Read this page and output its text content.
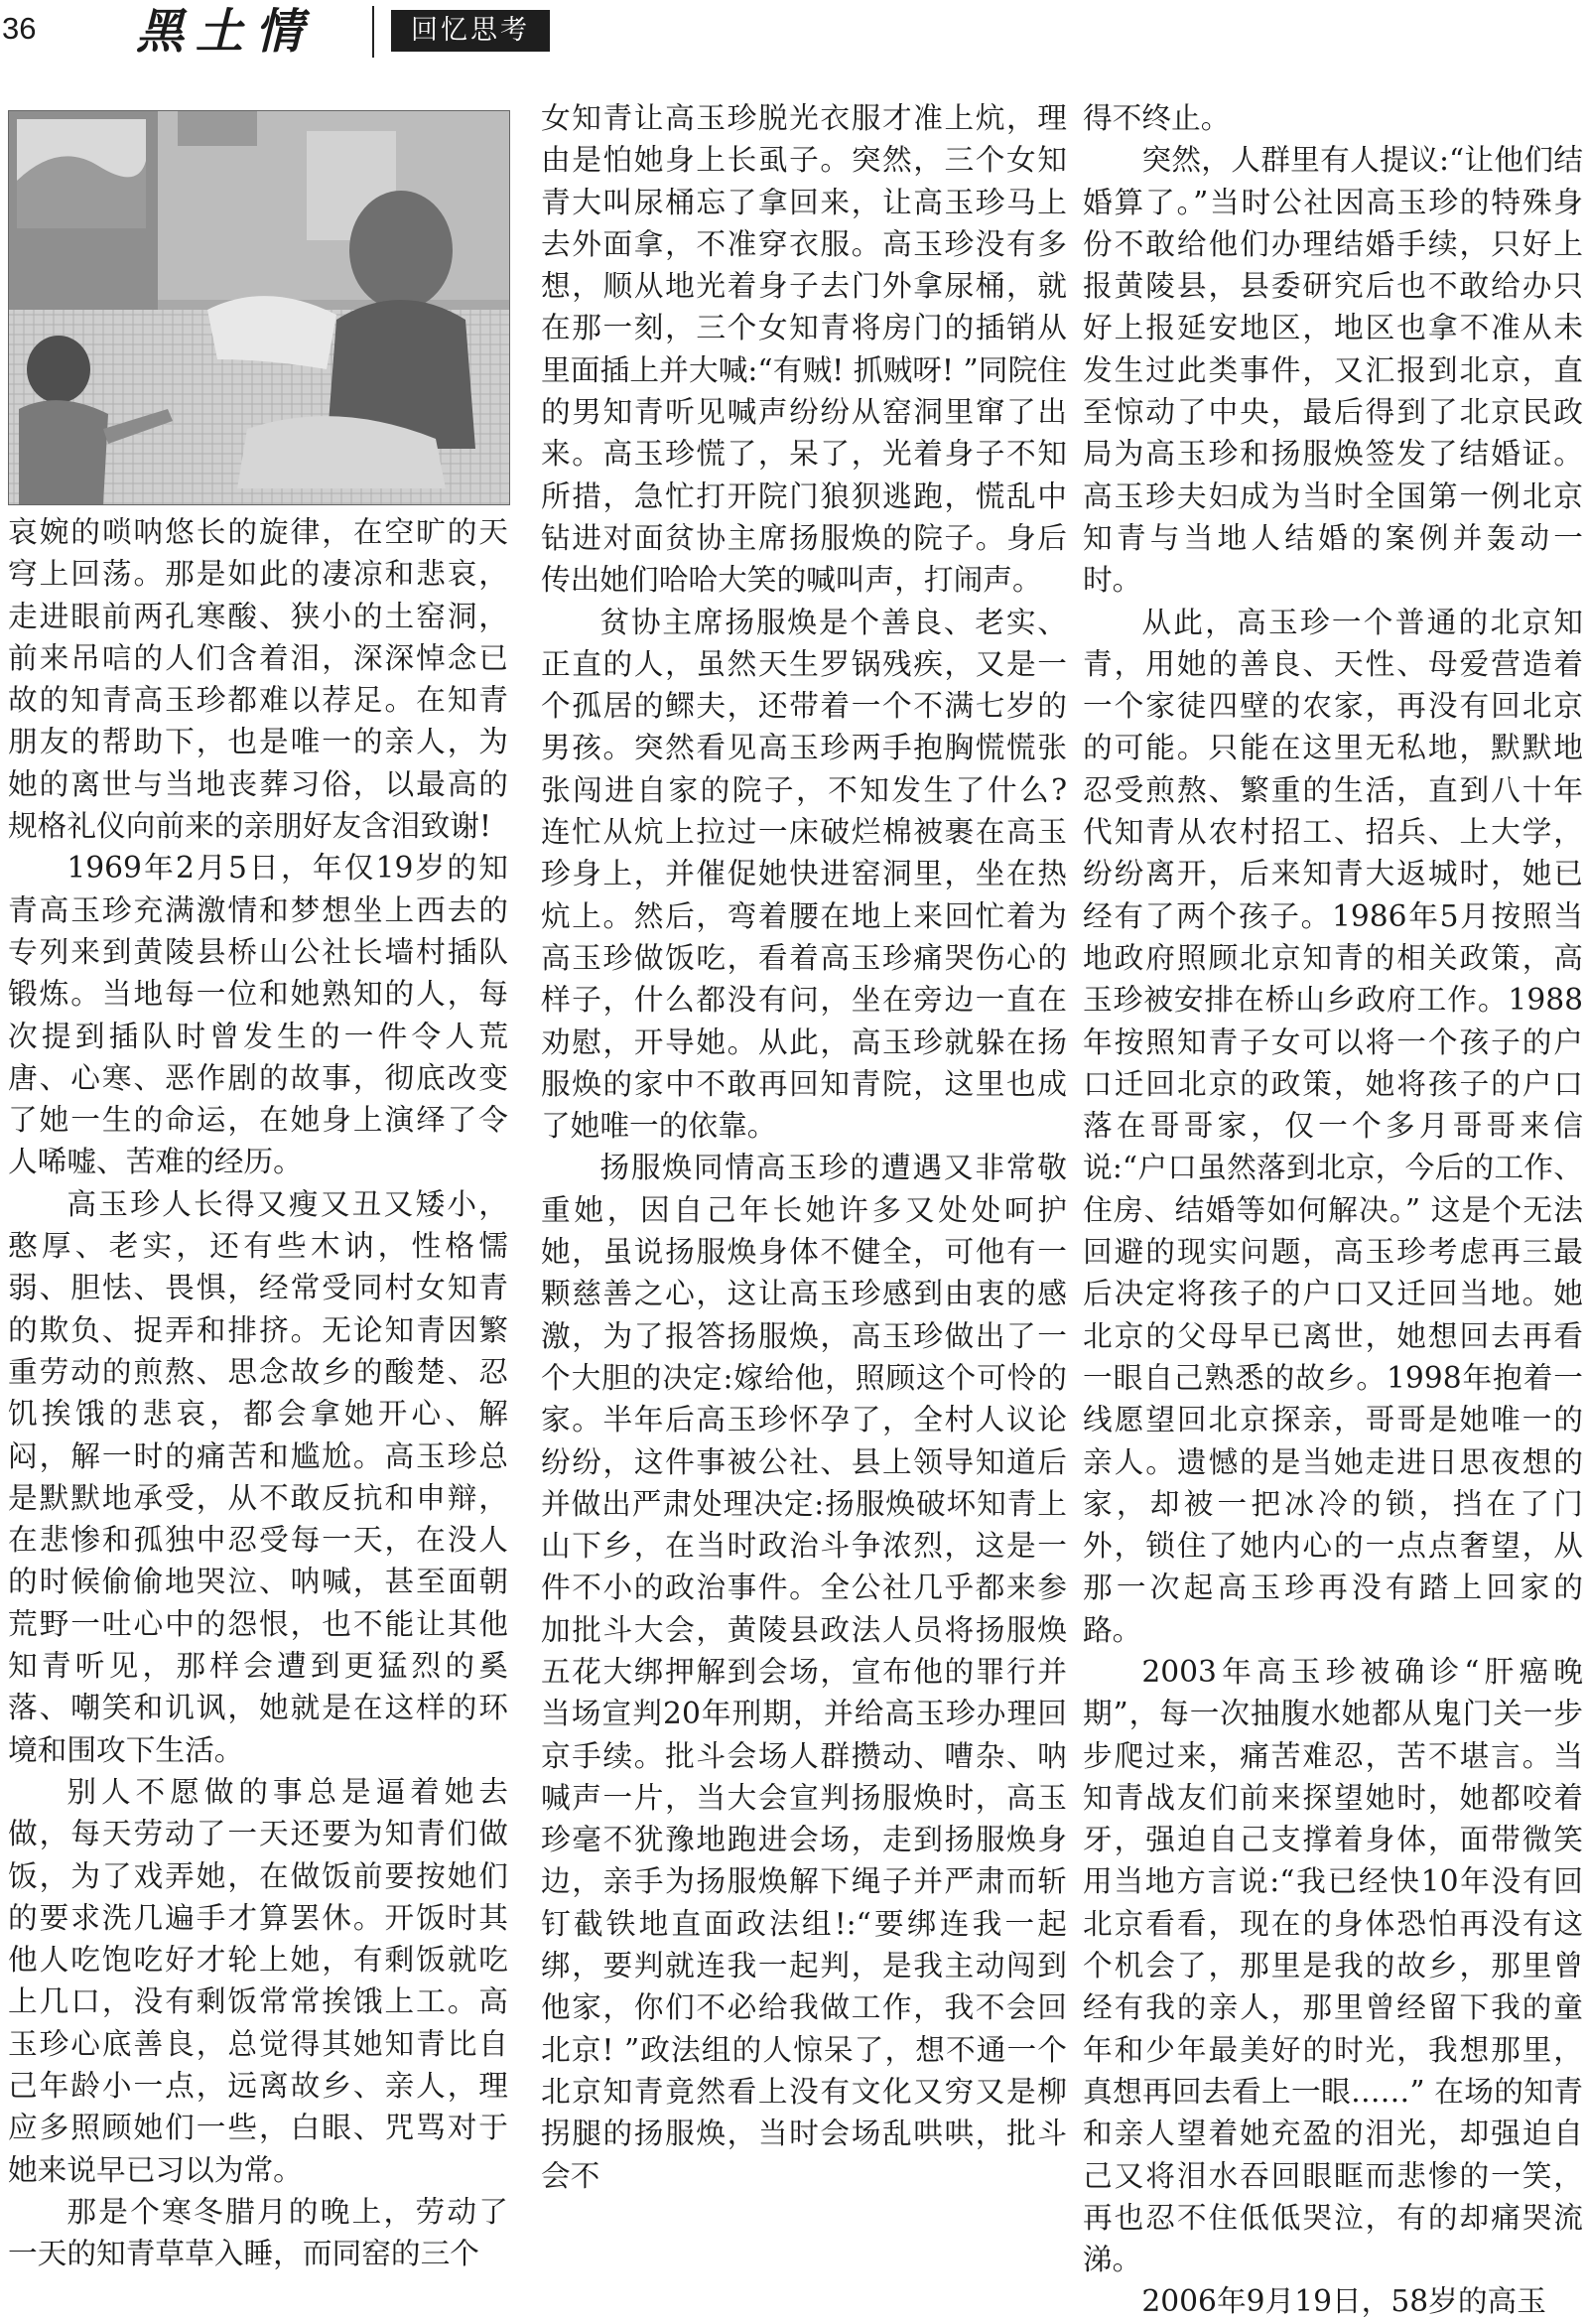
36 黑土情	回忆思考

哀婉的唢呐悠长的旋律，在空旷的天穹上回荡。那是如此的凄凉和悲哀，走进眼前两孔寒酸、狭小的土窑洞，前来吊唁的人们含着泪，深深悼念已故的知青高玉珍都难以荐足。在知青朋友的帮助下，也是唯一的亲人，为她的离世与当地丧葬习俗，以最高的规格礼仪向前来的亲朋好友含泪致谢!

1969年2月5日，年仅19岁的知青高玉珍充满激情和梦想坐上西去的专列来到黄陵县桥山公社长墙村插队锻炼。当地每一位和她熟知的人，每次提到插队时曾发生的一件令人荒唐、心寒、恶作剧的故事，彻底改变了她一生的命运，在她身上演绎了令人唏嘘、苦难的经历。

高玉珍人长得又瘦又丑又矮小，憨厚、老实，还有些木讷，性格懦弱、胆怯、畏惧，经常受同村女知青的欺负、捉弄和排挤。无论知青因繁重劳动的煎熬、思念故乡的酸楚、忍饥挨饿的悲哀，都会拿她开心、解闷，解一时的痛苦和尴尬。高玉珍总是默默地承受，从不敢反抗和申辩，在悲惨和孤独中忍受每一天，在没人的时候偷偷地哭泣、呐喊，甚至面朝荒野一吐心中的怨恨，也不能让其他知青听见，那样会遭到更猛烈的奚落、嘲笑和讥讽，她就是在这样的环境和围攻下生活。

别人不愿做的事总是逼着她去做，每天劳动了一天还要为知青们做饭，为了戏弄她，在做饭前要按她们的要求洗几遍手才算罢休。开饭时其他人吃饱吃好才轮上她，有剩饭就吃上几口，没有剩饭常常挨饿上工。高玉珍心底善良，总觉得其她知青比自己年龄小一点，远离故乡、亲人，理应多照顾她们一些，白眼、咒骂对于她来说早已习以为常。

那是个寒冬腊月的晚上，劳动了一天的知青草草入睡，而同窑的三个

女知青让高玉珍脱光衣服才准上炕，理由是怕她身上长虱子。突然，三个女知青大叫尿桶忘了拿回来，让高玉珍马上去外面拿，不准穿衣服。高玉珍没有多想，顺从地光着身子去门外拿尿桶，就在那一刻，三个女知青将房门的插销从里面插上并大喊:“有贼! 抓贼呀! ”同院住的男知青听见喊声纷纷从窑洞里窜了出来。高玉珍慌了，呆了，光着身子不知所措，急忙打开院门狼狈逃跑，慌乱中钻进对面贫协主席扬服焕的院子。身后传出她们哈哈大笑的喊叫声，打闹声。

贫协主席扬服焕是个善良、老实、正直的人，虽然天生罗锅残疾，又是一个孤居的鳏夫，还带着一个不满七岁的男孩。突然看见高玉珍两手抱胸慌慌张张闯进自家的院子，不知发生了什么? 连忙从炕上拉过一床破烂棉被裹在高玉珍身上，并催促她快进窑洞里，坐在热炕上。然后，弯着腰在地上来回忙着为高玉珍做饭吃，看着高玉珍痛哭伤心的样子，什么都没有问，坐在旁边一直在劝慰，开导她。从此，高玉珍就躲在扬服焕的家中不敢再回知青院，这里也成了她唯一的依靠。

扬服焕同情高玉珍的遭遇又非常敬重她，因自己年长她许多又处处呵护她，虽说扬服焕身体不健全，可他有一颗慈善之心，这让高玉珍感到由衷的感激，为了报答扬服焕，高玉珍做出了一个大胆的决定:嫁给他，照顾这个可怜的家。半年后高玉珍怀孕了，全村人议论纷纷，这件事被公社、县上领导知道后并做出严肃处理决定:扬服焕破坏知青上山下乡，在当时政治斗争浓烈，这是一件不小的政治事件。全公社几乎都来参加批斗大会，黄陵县政法人员将扬服焕五花大绑押解到会场，宣布他的罪行并当场宣判20年刑期，并给高玉珍办理回京手续。批斗会场人群攒动、嘈杂、呐喊声一片，当大会宣判扬服焕时，高玉珍毫不犹豫地跑进会场，走到扬服焕身边，亲手为扬服焕解下绳子并严肃而斩钉截铁地直面政法组!:“要绑连我一起绑，要判就连我一起判，是我主动闯到他家，你们不必给我做工作，我不会回北京! ”政法组的人惊呆了，想不通一个北京知青竟然看上没有文化又穷又是柳拐腿的扬服焕，当时会场乱哄哄，批斗会不

得不终止。

突然，人群里有人提议:“让他们结婚算了。”当时公社因高玉珍的特殊身份不敢给他们办理结婚手续，只好上报黄陵县，县委研究后也不敢给办只好上报延安地区，地区也拿不准从未发生过此类事件，又汇报到北京，直至惊动了中央，最后得到了北京民政局为高玉珍和扬服焕签发了结婚证。高玉珍夫妇成为当时全国第一例北京知青与当地人结婚的案例并轰动一时。

从此，高玉珍一个普通的北京知青，用她的善良、天性、母爱营造着一个家徒四壁的农家，再没有回北京的可能。只能在这里无私地，默默地忍受煎熬、繁重的生活，直到八十年代知青从农村招工、招兵、上大学，纷纷离开，后来知青大返城时，她已经有了两个孩子。1986年5月按照当地政府照顾北京知青的相关政策，高玉珍被安排在桥山乡政府工作。1988年按照知青子女可以将一个孩子的户口迁回北京的政策，她将孩子的户口落在哥哥家，仅一个多月哥哥来信说:“户口虽然落到北京，今后的工作、住房、结婚等如何解决。” 这是个无法回避的现实问题，高玉珍考虑再三最后决定将孩子的户口又迁回当地。她北京的父母早已离世，她想回去再看一眼自己熟悉的故乡。1998年抱着一线愿望回北京探亲，哥哥是她唯一的亲人。遗憾的是当她走进日思夜想的家，却被一把冰冷的锁，挡在了门外，锁住了她内心的一点点奢望，从那一次起高玉珍再没有踏上回家的路。

2003年高玉珍被确诊“肝癌晚期”，每一次抽腹水她都从鬼门关一步步爬过来，痛苦难忍，苦不堪言。当知青战友们前来探望她时，她都咬着牙，强迫自己支撑着身体，面带微笑用当地方言说:“我已经快10年没有回北京看看，现在的身体恐怕再没有这个机会了，那里是我的故乡，那里曾经有我的亲人，那里曾经留下我的童年和少年最美好的时光，我想那里，真想再回去看上一眼……” 在场的知青和亲人望着她充盈的泪光，却强迫自己又将泪水吞回眼眶而悲惨的一笑，再也忍不住低低哭泣，有的却痛哭流涕。

2006年9月19日，58岁的高玉
